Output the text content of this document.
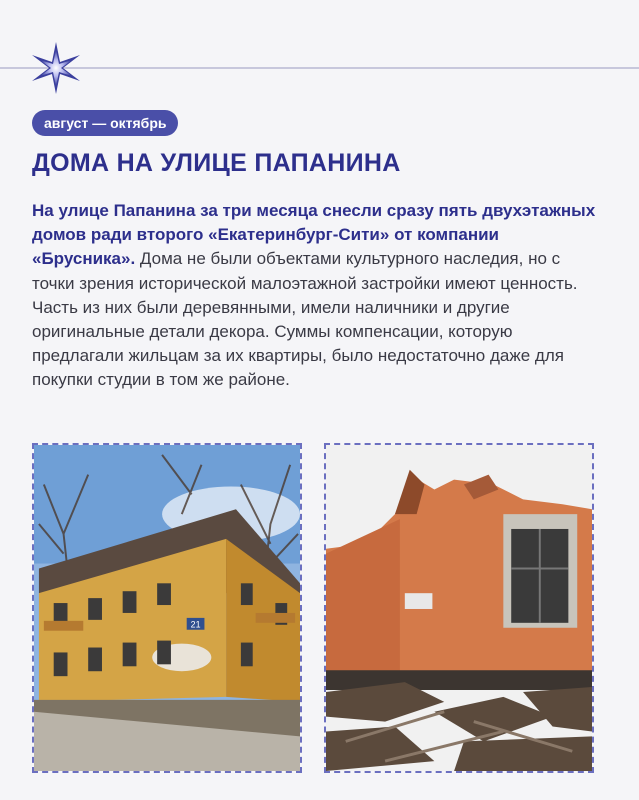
август — октябрь
ДОМА НА УЛИЦЕ ПАПАНИНА

На улице Папанина за три месяца снесли сразу пять двухэтажных домов ради второго «Екатеринбург-Сити» от компании «Брусника». Дома не были объектами культурного наследия, но с точки зрения исторической малоэтажной застройки имеют ценность. Часть из них были деревянными, имели наличники и другие оригинальные детали декора. Суммы компенсации, которую предлагали жильцам за их квартиры, было недостаточно даже для покупки студии в том же районе.

21
